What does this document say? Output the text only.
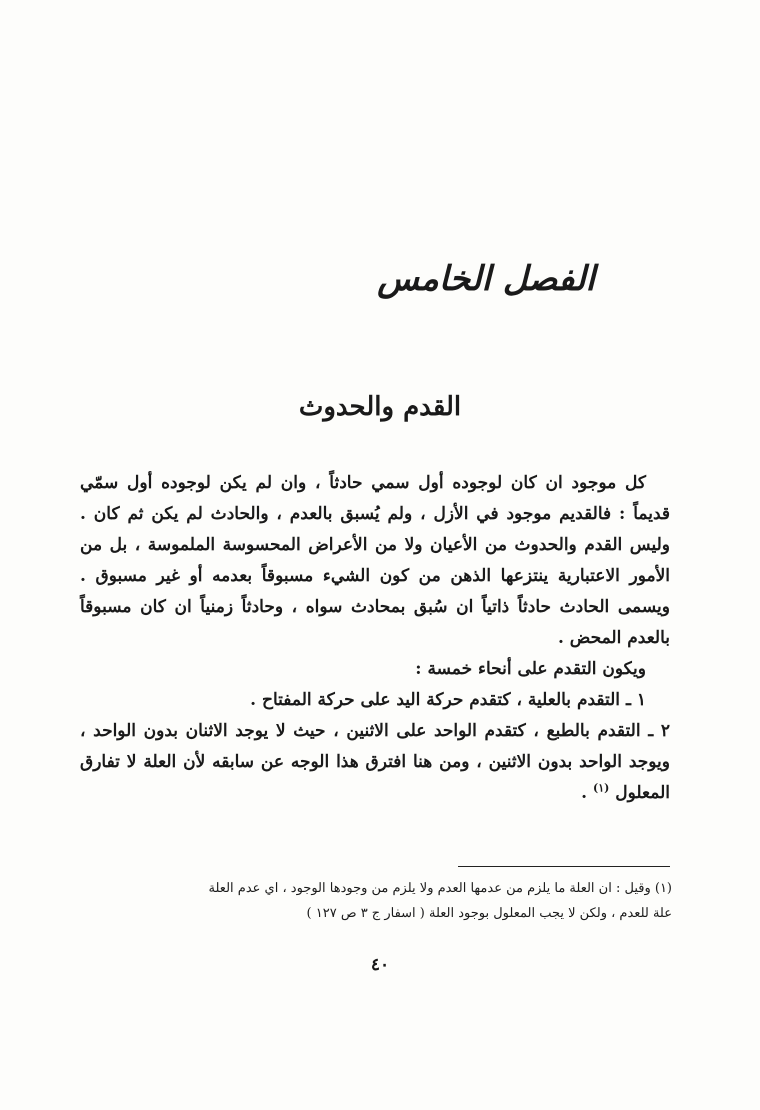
الفصل الخامس
القدم والحدوث

كل موجود ان كان لوجوده أول سمي حادثاً ، وان لم يكن لوجوده أول سمّي قديماً : فالقديم موجود في الأزل ، ولم يُسبق بالعدم ، والحادث لم يكن ثم كان . وليس القدم والحدوث من الأعيان ولا من الأعراض المحسوسة الملموسة ، بل من الأمور الاعتبارية ينتزعها الذهن من كون الشيء مسبوقاً بعدمه أو غير مسبوق . ويسمى الحادث حادثاً ذاتياً ان سُبق بمحادث سواه ، وحادثاً زمنياً ان كان مسبوقاً بالعدم المحض .

ويكون التقدم على أنحاء خمسة :

١ ـ التقدم بالعلية ، كتقدم حركة اليد على حركة المفتاح .

٢ ـ التقدم بالطبع ، كتقدم الواحد على الاثنين ، حيث لا يوجد الاثنان بدون الواحد ، ويوجد الواحد بدون الاثنين ، ومن هنا افترق هذا الوجه عن سابقه لأن العلة لا تفارق المعلول $^{(١)}$ .

(١) وقيل : ان العلة ما يلزم من عدمها العدم ولا يلزم من وجودها الوجود ، اي عدم العلة

علة للعدم ، ولكن لا يجب المعلول بوجود العلة ( اسفار ج ٣ ص ١٢٧ )

٤٠
